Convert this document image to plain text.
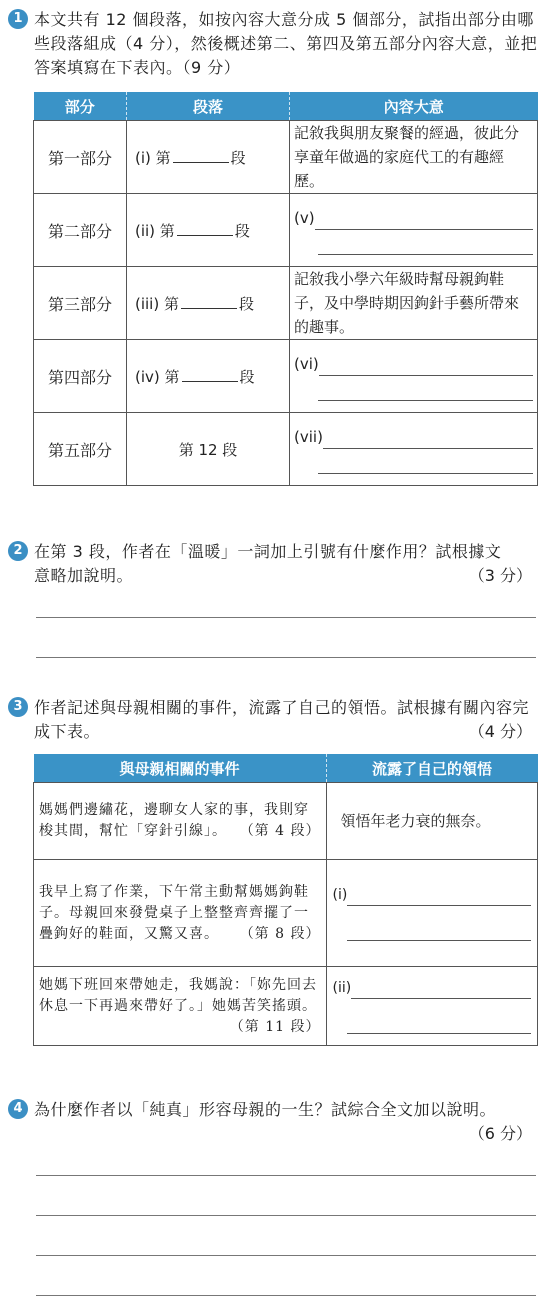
1 本文共有 12 個段落，如按內容大意分成 5 個部分，試指出部分由哪些段落組成（4 分），然後概述第二、第四及第五部分內容大意，並把答案填寫在下表內。（9 分）
部分	段落	內容大意
第一部分	(i) 第 段	記敘我與朋友聚餐的經過，彼此分享童年做過的家庭代工的有趣經歷。
第二部分	(ii) 第 段	(v)

第三部分	(iii) 第 段	記敘我小學六年級時幫母親鉤鞋子，及中學時期因鉤針手藝所帶來的趣事。
第四部分	(iv) 第 段	(vi)

第五部分	第 12 段	(vii)
2 在第 3 段，作者在「溫暖」一詞加上引號有什麼作用？試根據文意略加說明。	（3 分）
3 作者記述與母親相關的事件，流露了自己的領悟。試根據有關內容完成下表。	（4 分）
與母親相關的事件	流露了自己的領悟
媽媽們邊繡花，邊聊女人家的事，我則穿梭其間，幫忙「穿針引線」。 （第 4 段）	領悟年老力衰的無奈。
我早上寫了作業，下午常主動幫媽媽鉤鞋子。母親回來發覺桌子上整整齊齊擺了一疊鉤好的鞋面，又驚又喜。 （第 8 段）	(i)

她媽下班回來帶她走，我媽說：「妳先回去休息一下再過來帶好了。」她媽苦笑搖頭。
（第 11 段）	(ii)
4 為什麼作者以「純真」形容母親的一生？試綜合全文加以說明。
（6 分）
